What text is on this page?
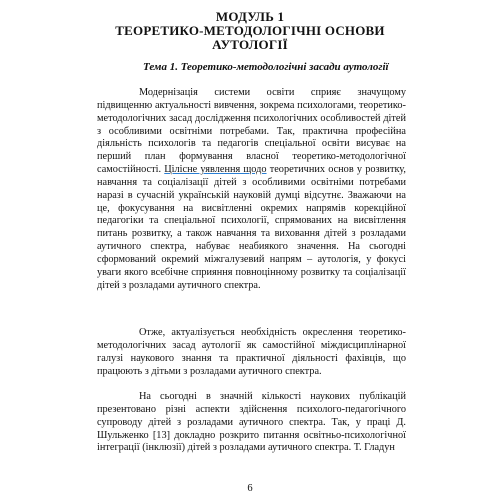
МОДУЛЬ 1
ТЕОРЕТИКО-МЕТОДОЛОГІЧНІ ОСНОВИ
АУТОЛОГІЇ
Тема 1. Теоретико-методологічні засади аутології

Модернізація системи освіти сприяє значущому підвищенню актуальності вивчення, зокрема психологами, теоретико-методологічних засад дослідження психологічних особливостей дітей з особливими освітніми потребами. Так, практична професійна діяльність психологів та педагогів спеціальної освіти висуває на перший план формування власної теоретико-методологічної самостійності. Цілісне уявлення щодо теоретичних основ у розвитку, навчання та соціалізації дітей з особливими освітніми потребами наразі в сучасній українській науковій думці відсутнє. Зважаючи на це, фокусування на висвітленні окремих напрямів корекційної педагогіки та спеціальної психології, спрямованих на висвітлення питань розвитку, а також навчання та виховання дітей з розладами аутичного спектра, набуває неабиякого значення. На сьогодні сформований окремий міжгалузевий напрям – аутологія, у фокусі уваги якого всебічне сприяння повноцінному розвитку та соціалізації дітей з розладами аутичного спектра.

Отже, актуалізується необхідність окреслення теоретико-методологічних засад аутології як самостійної міждисциплінарної галузі наукового знання та практичної діяльності фахівців, що працюють з дітьми з розладами аутичного спектра.

На сьогодні в значній кількості наукових публікацій презентовано різні аспекти здійснення психолого-педагогічного супроводу дітей з розладами аутичного спектра. Так, у праці Д. Шульженко [13] докладно розкрито питання освітньо-психологічної інтеграції (інклюзії) дітей з розладами аутичного спектра. Т. Гладун

6
